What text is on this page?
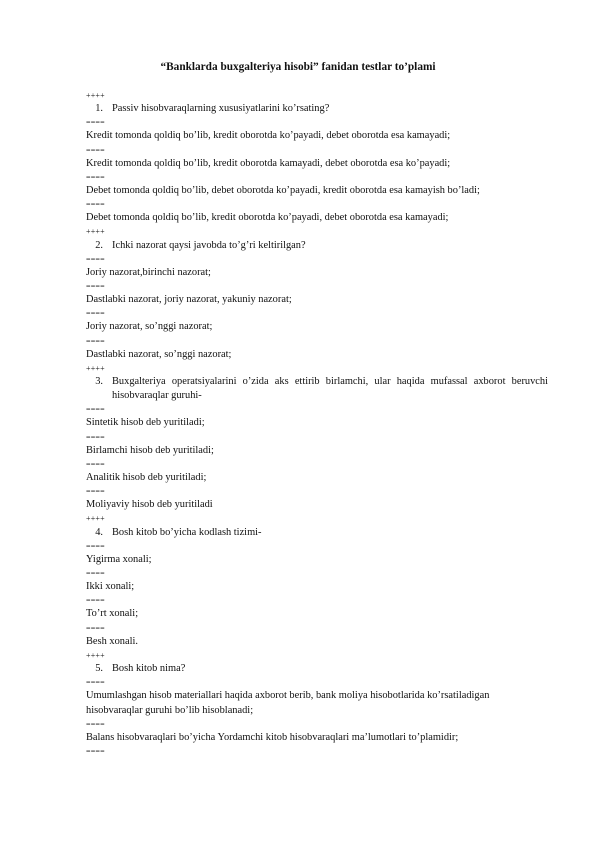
“Banklarda buxgalteriya hisobi” fanidan testlar to’plami
++++
1. Passiv hisobvaraqlarning xususiyatlarini ko’rsating?
====
Kredit tomonda qoldiq bo’lib, kredit oborotda ko’payadi, debet oborotda esa kamayadi;
====
Kredit tomonda qoldiq bo’lib, kredit oborotda kamayadi, debet oborotda esa ko’payadi;
====
Debet tomonda qoldiq bo’lib, debet oborotda ko’payadi, kredit oborotda esa kamayish bo’ladi;
====
Debet tomonda qoldiq bo’lib, kredit oborotda ko’payadi, debet oborotda esa kamayadi;
++++
2. Ichki nazorat qaysi javobda to’g’ri keltirilgan?
====
Joriy nazorat,birinchi nazorat;
====
Dastlabki nazorat, joriy nazorat, yakuniy nazorat;
====
Joriy nazorat, so’nggi nazorat;
====
Dastlabki nazorat, so’nggi nazorat;
++++
3. Buxgalteriya operatsiyalarini o’zida aks ettirib birlamchi, ular haqida mufassal axborot beruvchi hisobvaraqlar guruhi-
====
Sintetik hisob deb yuritiladi;
====
Birlamchi hisob deb yuritiladi;
====
Analitik hisob deb yuritiladi;
====
Moliyaviy hisob deb yuritiladi
++++
4. Bosh kitob bo’yicha kodlash tizimi-
====
Yigirma xonali;
====
Ikki xonali;
====
To’rt xonali;
====
Besh xonali.
++++
5. Bosh kitob nima?
====
Umumlashgan hisob materiallari haqida axborot berib, bank moliya hisobotlarida ko’rsatiladigan hisobvaraqlar guruhi bo’lib hisoblanadi;
====
Balans hisobvaraqlari bo’yicha Yordamchi kitob hisobvaraqlari ma’lumotlari to’plamidir;
====
